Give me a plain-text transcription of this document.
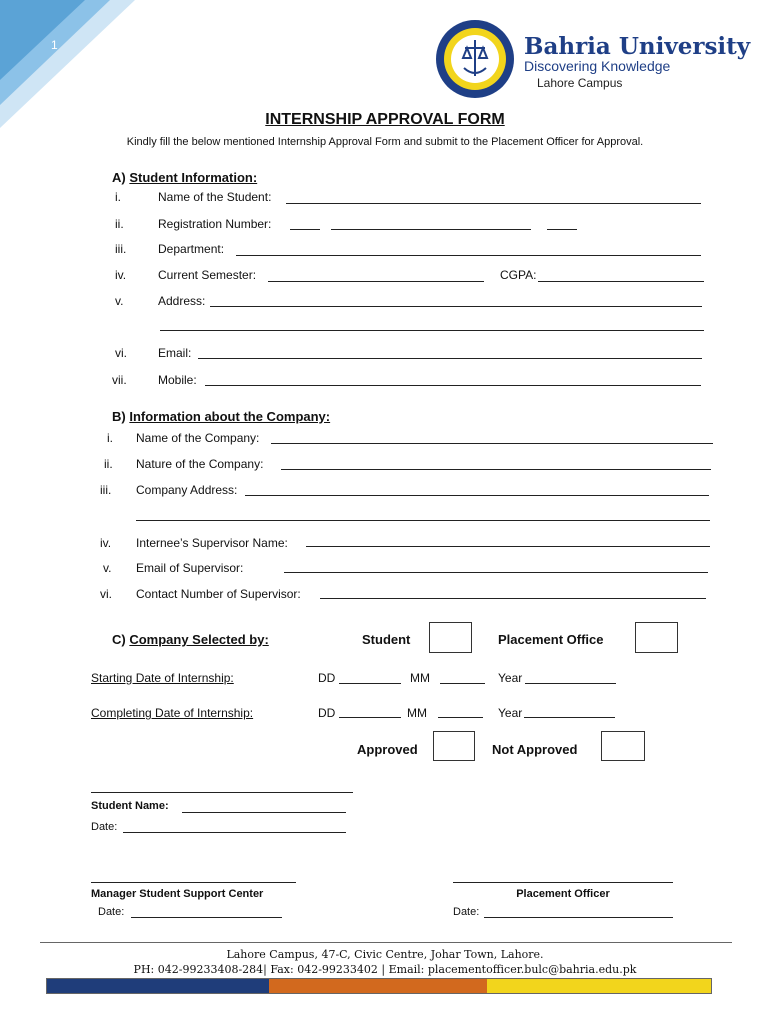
1	Bahria University
Discovering Knowledge
Lahore Campus
INTERNSHIP APPROVAL FORM
Kindly fill the below mentioned Internship Approval Form and submit to the Placement Officer for Approval.
A) Student Information:
i.	Name of the Student:
ii.	Registration Number:
iii.	Department:
iv.	Current Semester:	CGPA:
v.	Address:
vi.	Email:
vii.	Mobile:
B) Information about the Company:
i. Name of the Company:
ii. Nature of the Company:
iii. Company Address:
iv. Internee’s Supervisor Name:
v. Email of Supervisor:
vi. Contact Number of Supervisor:
C) Company Selected by:	Student	Placement Office
Starting Date of Internship:	DD	MM	Year
Completing Date of Internship:	DD	MM	Year
Approved	Not Approved
Student Name:
Date:
Manager Student Support Center
Date:
Placement Officer
Date:
Lahore Campus, 47-C, Civic Centre, Johar Town, Lahore.
PH: 042-99233408-284| Fax: 042-99233402 | Email: placementofficer.bulc@bahria.edu.pk
